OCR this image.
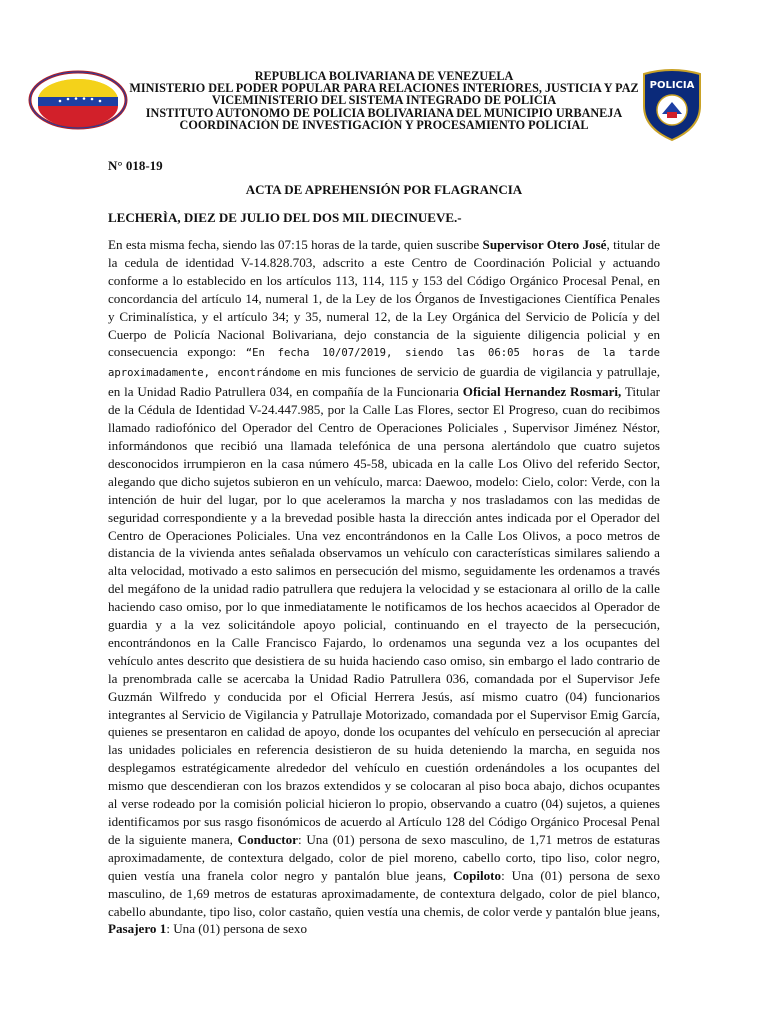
POLICIA
REPUBLICA BOLIVARIANA DE VENEZUELA
MINISTERIO DEL PODER POPULAR PARA RELACIONES INTERIORES, JUSTICIA Y PAZ
VICEMINISTERIO DEL SISTEMA INTEGRADO DE POLICIA
INSTITUTO AUTONOMO DE POLICIA BOLIVARIANA DEL MUNICIPIO URBANEJA
COORDINACIÓN DE INVESTIGACIÓN Y PROCESAMIENTO POLICIAL
N° 018-19
ACTA DE APREHENSIÓN POR FLAGRANCIA
LECHERÌA, DIEZ DE JULIO DEL DOS MIL DIECINUEVE.-
En esta misma fecha, siendo las 07:15 horas de la tarde, quien suscribe Supervisor Otero José, titular de la cedula de identidad V-14.828.703, adscrito a este Centro de Coordinación Policial y actuando conforme a lo establecido en los artículos 113, 114, 115 y 153 del Código Orgánico Procesal Penal, en concordancia del artículo 14, numeral 1, de la Ley de los Órganos de Investigaciones Científica Penales y Criminalística, y el artículo 34; y 35, numeral 12, de la Ley Orgánica del Servicio de Policía y del Cuerpo de Policía Nacional Bolivariana, dejo constancia de la siguiente diligencia policial y en consecuencia expongo: “En fecha 10/07/2019, siendo las 06:05 horas de la tarde aproximadamente, encontrándome en mis funciones de servicio de guardia de vigilancia y patrullaje, en la Unidad Radio Patrullera 034, en compañía de la Funcionaria Oficial Hernandez Rosmari, Titular de la Cédula de Identidad V-24.447.985, por la Calle Las Flores, sector El Progreso, cuan do recibimos llamado radiofónico del Operador del Centro de Operaciones Policiales , Supervisor Jiménez Néstor, informándonos que recibió una llamada telefónica de una persona alertándolo que cuatro sujetos desconocidos irrumpieron en la casa número 45-58, ubicada en la calle Los Olivo del referido Sector, alegando que dicho sujetos subieron en un vehículo, marca: Daewoo, modelo: Cielo, color: Verde, con la intención de huir del lugar, por lo que aceleramos la marcha y nos trasladamos con las medidas de seguridad correspondiente y a la brevedad posible hasta la dirección antes indicada por el Operador del Centro de Operaciones Policiales. Una vez encontrándonos en la Calle Los Olivos, a poco metros de distancia de la vivienda antes señalada observamos un vehículo con características similares saliendo a alta velocidad, motivado a esto salimos en persecución del mismo, seguidamente les ordenamos a través del megáfono de la unidad radio patrullera que redujera la velocidad y se estacionara al orillo de la calle haciendo caso omiso, por lo que inmediatamente le notificamos de los hechos acaecidos al Operador de guardia y a la vez solicitándole apoyo policial, continuando en el trayecto de la persecución, encontrándonos en la Calle Francisco Fajardo, lo ordenamos una segunda vez a los ocupantes del vehículo antes descrito que desistiera de su huida haciendo caso omiso, sin embargo el lado contrario de la prenombrada calle se acercaba la Unidad Radio Patrullera 036, comandada por el Supervisor Jefe Guzmán Wilfredo y conducida por el Oficial Herrera Jesús, así mismo cuatro (04) funcionarios integrantes al Servicio de Vigilancia y Patrullaje Motorizado, comandada por el Supervisor Emig García, quienes se presentaron en calidad de apoyo, donde los ocupantes del vehículo en persecución al apreciar las unidades policiales en referencia desistieron de su huida deteniendo la marcha, en seguida nos desplegamos estratégicamente alrededor del vehículo en cuestión ordenándoles a los ocupantes del mismo que descendieran con los brazos extendidos y se colocaran al piso boca abajo, dichos ocupantes al verse rodeado por la comisión policial hicieron lo propio, observando a cuatro (04) sujetos, a quienes identificamos por sus rasgo fisonómicos de acuerdo al Artículo 128 del Código Orgánico Procesal Penal de la siguiente manera, Conductor: Una (01) persona de sexo masculino, de 1,71 metros de estaturas aproximadamente, de contextura delgado, color de piel moreno, cabello corto, tipo liso, color negro, quien vestía una franela color negro y pantalón blue jeans, Copiloto: Una (01) persona de sexo masculino, de 1,69 metros de estaturas aproximadamente, de contextura delgado, color de piel blanco, cabello abundante, tipo liso, color castaño, quien vestía una chemis, de color verde y pantalón blue jeans, Pasajero 1: Una (01) persona de sexo
